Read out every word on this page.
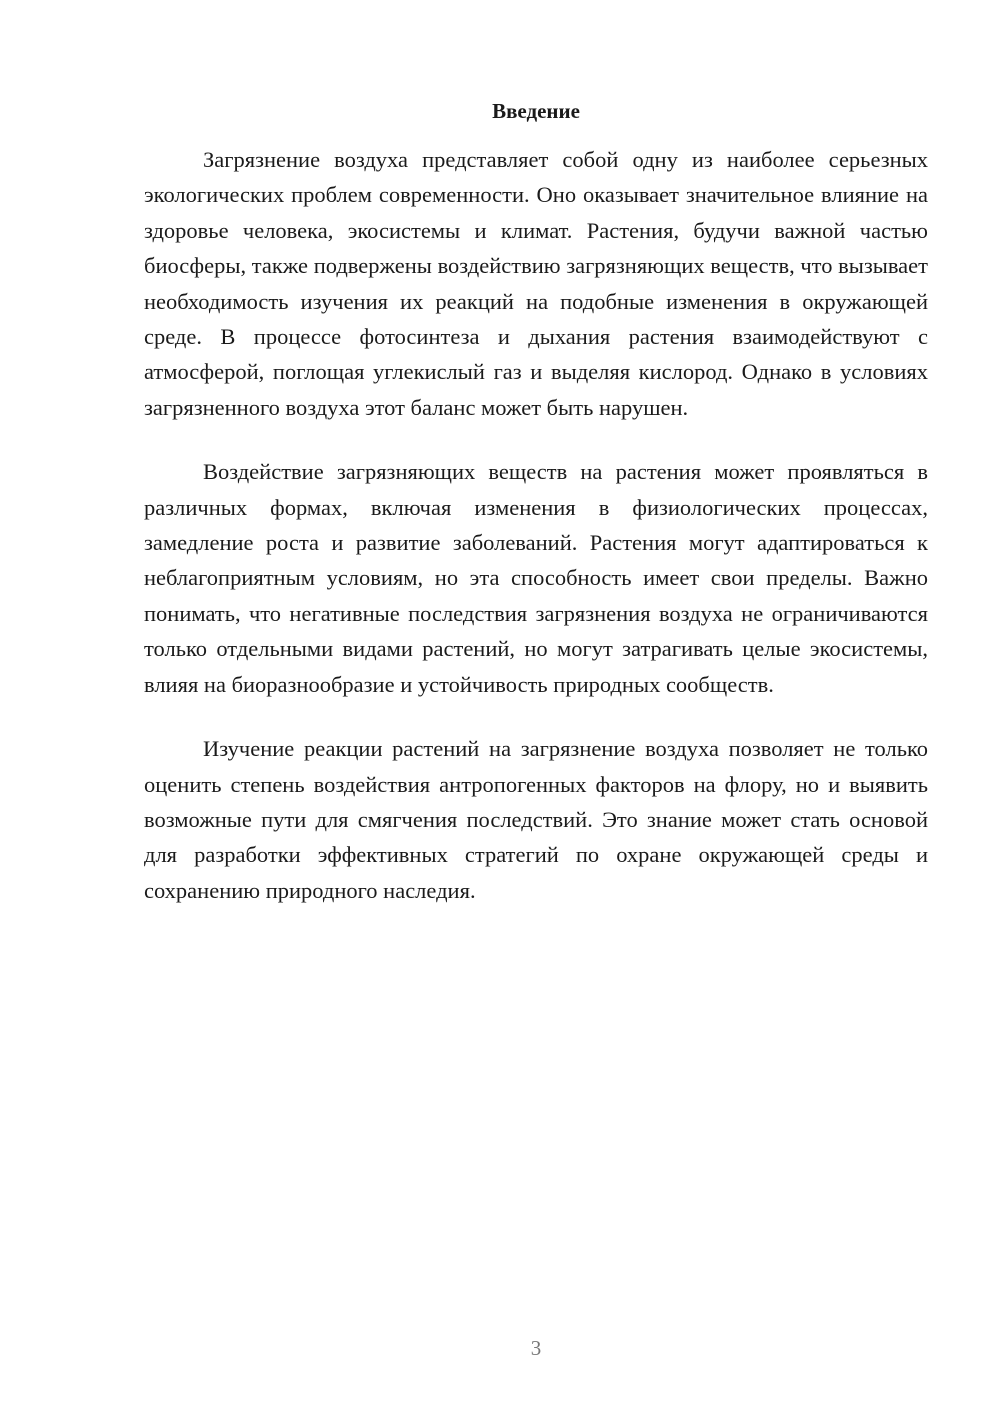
Введение

Загрязнение воздуха представляет собой одну из наиболее серьезных экологических проблем современности. Оно оказывает значительное влияние на здоровье человека, экосистемы и климат. Растения, будучи важной частью биосферы, также подвержены воздействию загрязняющих веществ, что вызывает необходимость изучения их реакций на подобные изменения в окружающей среде. В процессе фотосинтеза и дыхания растения взаимодействуют с атмосферой, поглощая углекислый газ и выделяя кислород. Однако в условиях загрязненного воздуха этот баланс может быть нарушен.

Воздействие загрязняющих веществ на растения может проявляться в различных формах, включая изменения в физиологических процессах, замедление роста и развитие заболеваний. Растения могут адаптироваться к неблагоприятным условиям, но эта способность имеет свои пределы. Важно понимать, что негативные последствия загрязнения воздуха не ограничиваются только отдельными видами растений, но могут затрагивать целые экосистемы, влияя на биоразнообразие и устойчивость природных сообществ.

Изучение реакции растений на загрязнение воздуха позволяет не только оценить степень воздействия антропогенных факторов на флору, но и выявить возможные пути для смягчения последствий. Это знание может стать основой для разработки эффективных стратегий по охране окружающей среды и сохранению природного наследия.

3
